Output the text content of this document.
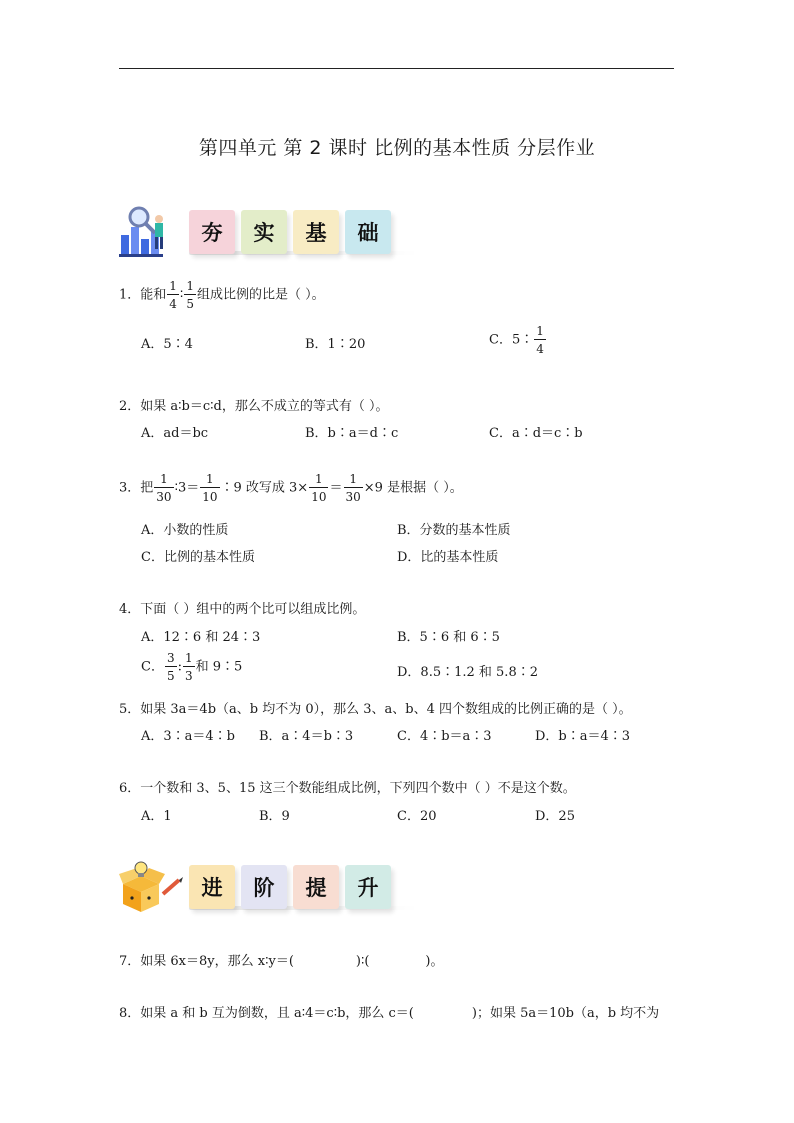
第四单元 第 2 课时 比例的基本性质 分层作业
夯	实	基	础
1．能和 $\frac{1}{4}$ ∶ $\frac{1}{5}$ 组成比例的比是（ ）。
A．5∶4	B．1∶20	C．5∶ $\frac{1}{4}$
2．如果 a∶b＝c∶d，那么不成立的等式有（ ）。
A．ad＝bc	B．b∶a＝d∶c	C．a∶d＝c∶b
3．把 $\frac{1}{30}$ ∶3＝ $\frac{1}{10}$ ∶9 改写成 $3\times \frac{1}{10} = \frac{1}{30} \times 9$ 是根据（ ）。
A．小数的性质	B．分数的基本性质
C．比例的基本性质	D．比的基本性质
4．下面（ ）组中的两个比可以组成比例。
A．12∶6 和 24∶3	B．5∶6 和 6∶5
C． $\frac{3}{5}$ : $\frac{1}{3}$ 和 9∶5	D．8.5∶1.2 和 5.8∶2
5．如果 3a＝4b（a、b 均不为 0），那么 3、a、b、4 四个数组成的比例正确的是（ ）。
A．3∶a＝4∶b B．a∶4＝b∶3	C．4∶b＝a∶3	D．b∶a＝4∶3
6．一个数和 3、5、15 这三个数能组成比例，下列四个数中（ ）不是这个数。
A．1	B．9	C．20	D．25
进	阶	提	升
7．如果 6x＝8y，那么 x∶y＝(	)∶(	)。
8．如果 a 和 b 互为倒数，且 a∶4＝c∶b，那么 c＝(	)；如果 5a＝10b（a，b 均不为
